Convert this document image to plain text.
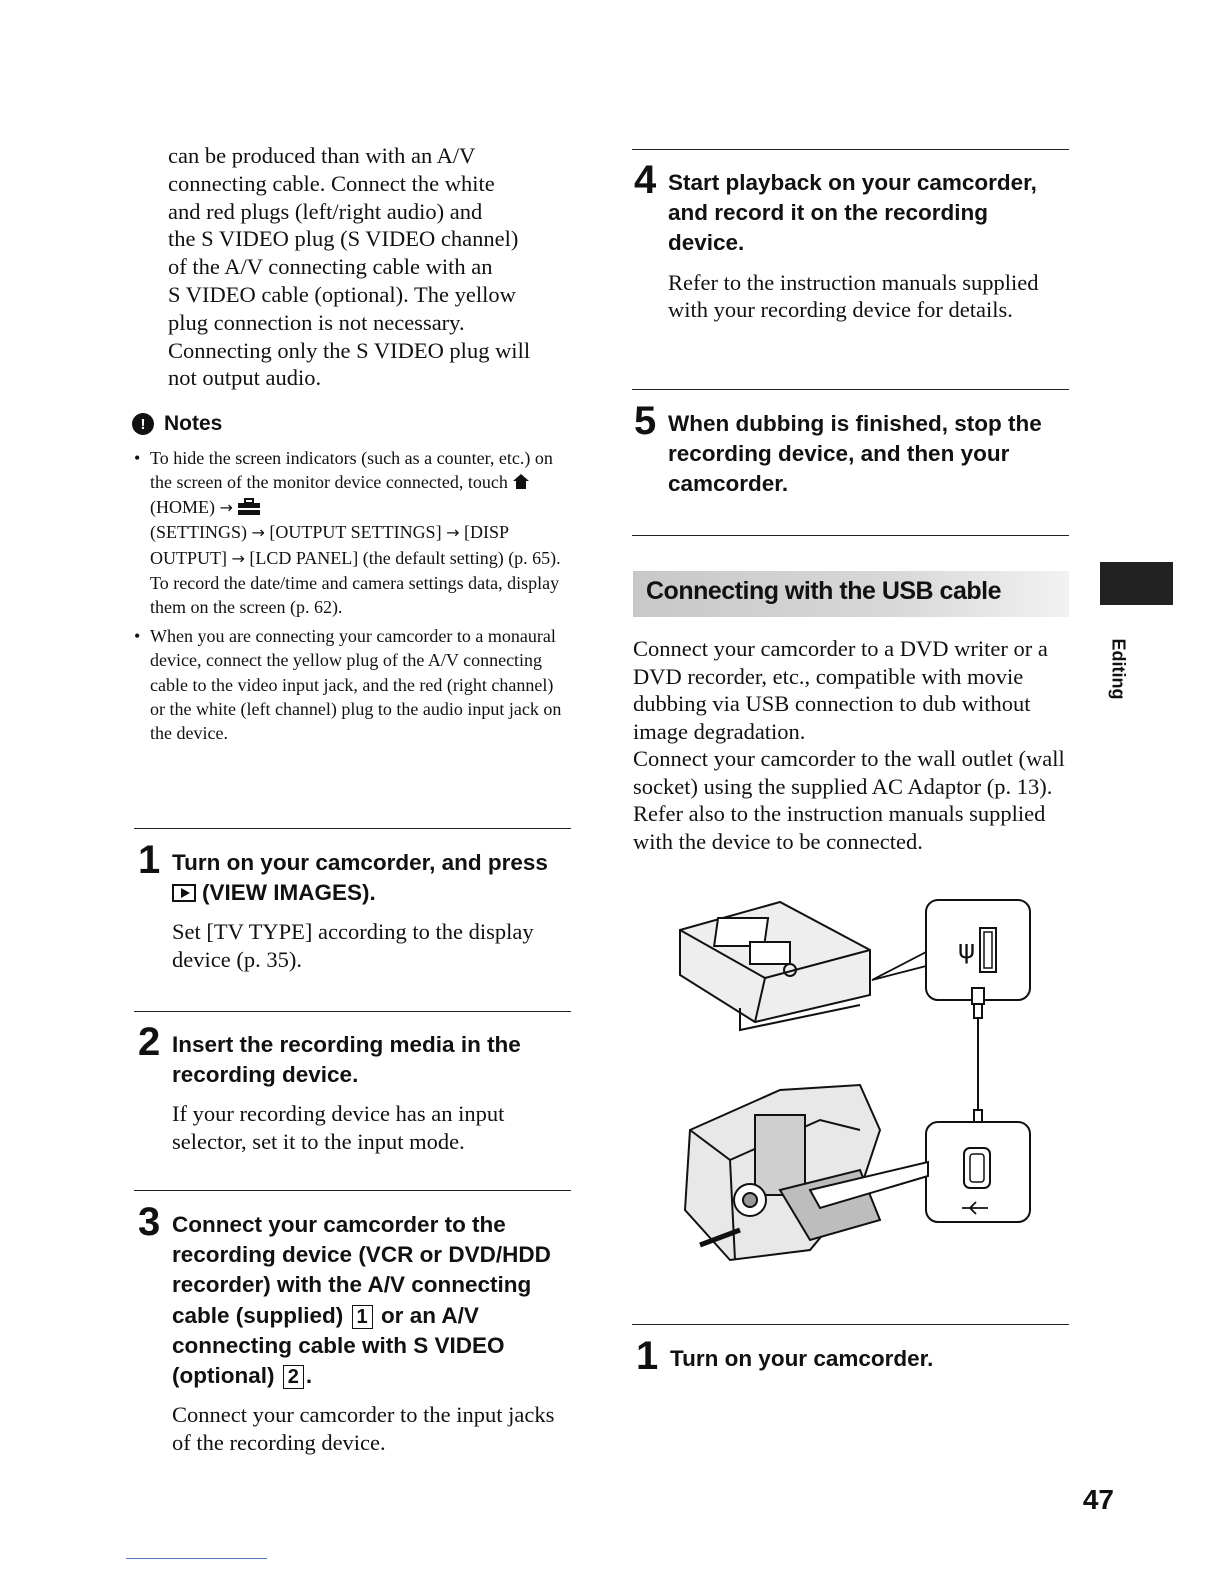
can be produced than with an A/V
connecting cable. Connect the white
and red plugs (left/right audio) and
the S VIDEO plug (S VIDEO channel)
of the A/V connecting cable with an
S VIDEO cable (optional). The yellow
plug connection is not necessary.
Connecting only the S VIDEO plug will
not output audio.
! Notes
• To hide the screen indicators (such as a counter, etc.) on the screen of the monitor device connected, touch  (HOME) →
(SETTINGS) → [OUTPUT SETTINGS] → [DISP OUTPUT] → [LCD PANEL] (the default setting) (p. 65).
To record the date/time and camera settings data, display them on the screen (p. 62).
• When you are connecting your camcorder to a monaural device, connect the yellow plug of the A/V connecting cable to the video input jack, and the red (right channel) or the white (left channel) plug to the audio input jack on the device.
1 Turn on your camcorder, and press
(VIEW IMAGES).
Set [TV TYPE] according to the display device (p. 35).
2 Insert the recording media in the recording device.
If your recording device has an input selector, set it to the input mode.
3 Connect your camcorder to the recording device (VCR or DVD/HDD recorder) with the A/V connecting cable (supplied) 1 or an A/V connecting cable with S VIDEO (optional) 2 .
Connect your camcorder to the input jacks of the recording device.
4 Start playback on your camcorder, and record it on the recording device.
Refer to the instruction manuals supplied with your recording device for details.
5 When dubbing is finished, stop the recording device, and then your camcorder.
Connecting with the USB cable
Connect your camcorder to a DVD writer or a DVD recorder, etc., compatible with movie dubbing via USB connection to dub without image degradation.
Connect your camcorder to the wall outlet (wall socket) using the supplied AC Adaptor (p. 13). Refer also to the instruction manuals supplied with the device to be connected.
ψ
1 Turn on your camcorder.
Editing
47
